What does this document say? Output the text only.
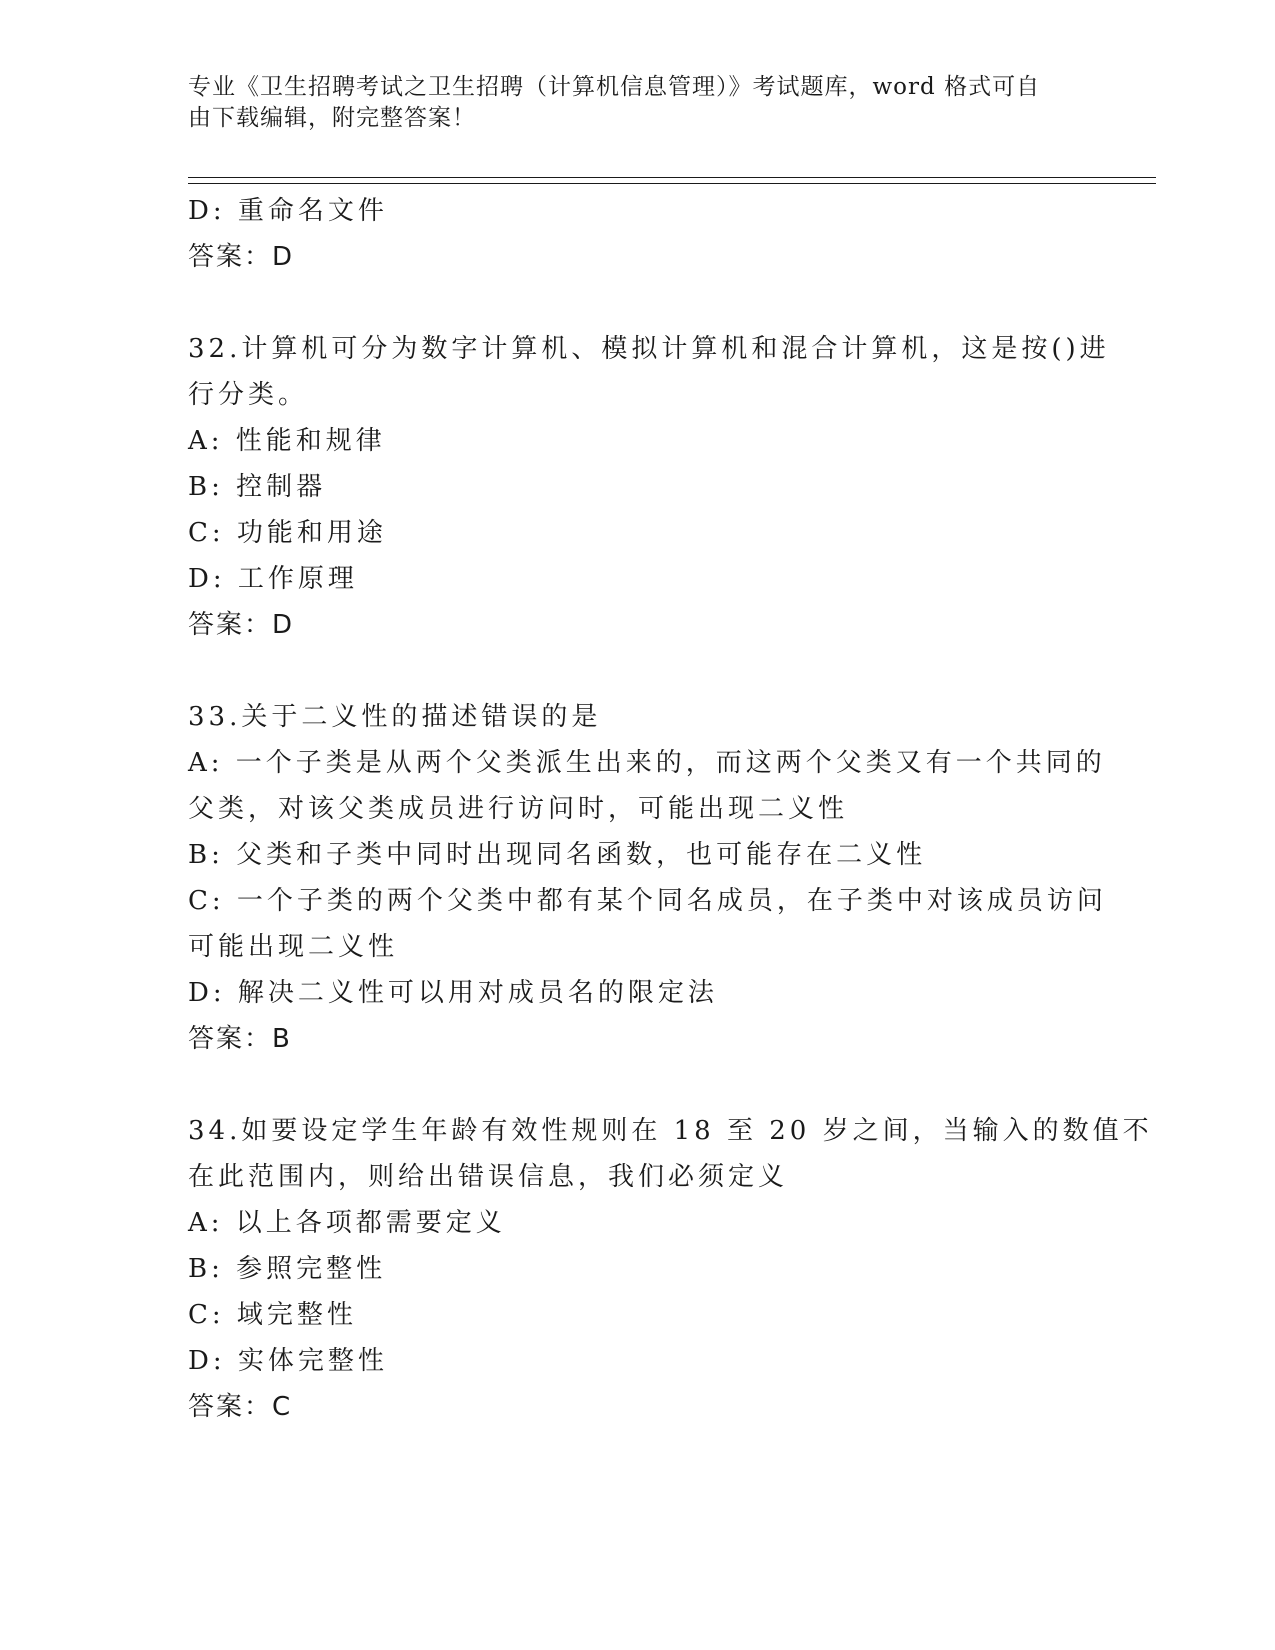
专业《卫生招聘考试之卫生招聘（计算机信息管理）》考试题库，word 格式可自
由下载编辑，附完整答案！
D: 重命名文件
答案：D
32.计算机可分为数字计算机、模拟计算机和混合计算机，这是按()进
行分类。
A: 性能和规律
B: 控制器
C: 功能和用途
D: 工作原理
答案：D
33.关于二义性的描述错误的是
A: 一个子类是从两个父类派生出来的，而这两个父类又有一个共同的
父类，对该父类成员进行访问时，可能出现二义性
B: 父类和子类中同时出现同名函数，也可能存在二义性
C: 一个子类的两个父类中都有某个同名成员，在子类中对该成员访问
可能出现二义性
D: 解决二义性可以用对成员名的限定法
答案：B
34.如要设定学生年龄有效性规则在 18 至 20 岁之间，当输入的数值不
在此范围内，则给出错误信息，我们必须定义
A: 以上各项都需要定义
B: 参照完整性
C: 域完整性
D: 实体完整性
答案：C
